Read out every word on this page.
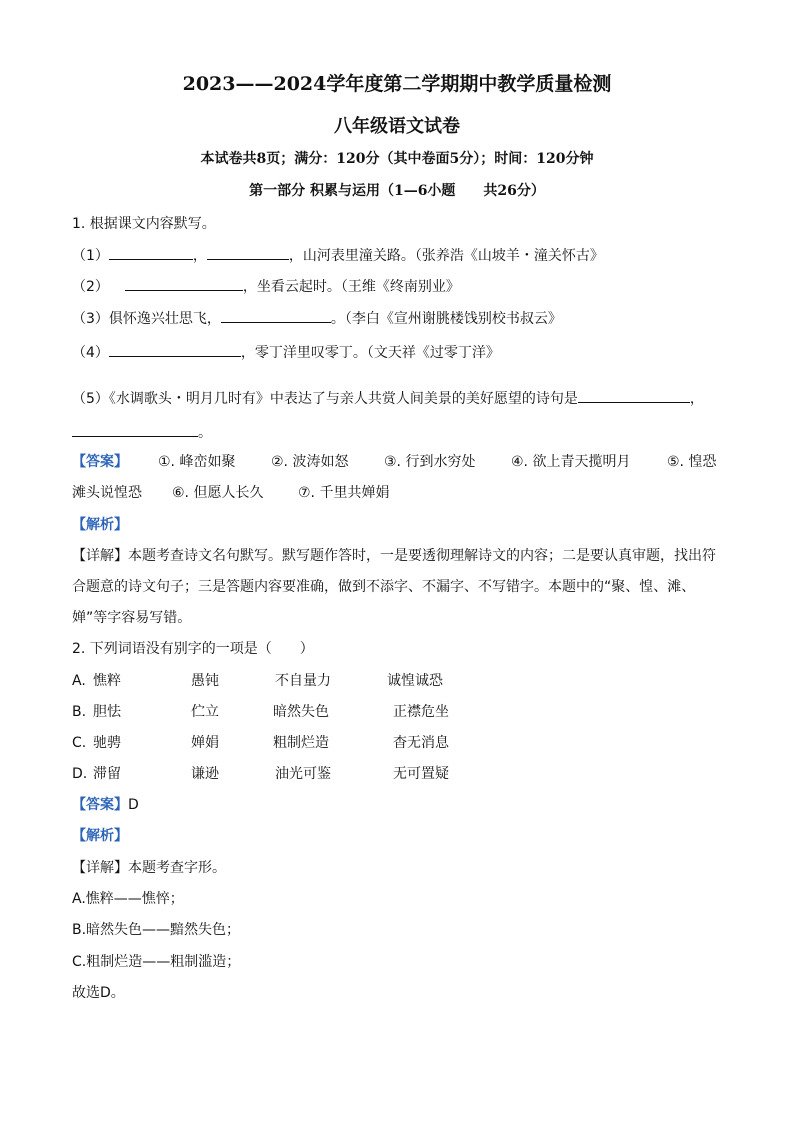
2023——2024学年度第二学期期中教学质量检测
八年级语文试卷
本试卷共8页；满分：120分（其中卷面5分）；时间：120分钟
第一部分 积累与运用（1—6小题　　共26分）
1. 根据课文内容默写。
（1）	，	，山河表里潼关路。（张养浩《山坡羊・潼关怀古》
（2）	，坐看云起时。（王维《终南别业》
（3）俱怀逸兴壮思飞，	。（李白《宣州谢朓楼饯别校书叔云》
（4）	，零丁洋里叹零丁。（文天祥《过零丁洋》
（5）《水调歌头・明月几时有》中表达了与亲人共赏人间美景的美好愿望的诗句是	，
。
【答案】 ①. 峰峦如聚	②. 波涛如怒	③. 行到水穷处	④. 欲上青天揽明月	⑤. 惶恐
滩头说惶恐 ⑥. 但愿人长久 ⑦. 千里共婵娟
【解析】
【详解】本题考查诗文名句默写。默写题作答时，一是要透彻理解诗文的内容；二是要认真审题，找出符
合题意的诗文句子；三是答题内容要准确，做到不添字、不漏字、不写错字。本题中的“聚、惶、滩、
婵”等字容易写错。
2. 下列词语没有别字的一项是（　　）
A. 憔粹	愚钝	不自量力	诚惶诚恐
B. 胆怯	伫立	暗然失色	正襟危坐
C. 驰骋	婵娟	粗制烂造	杳无消息
D. 滞留	谦逊	油光可鉴	无可置疑
【答案】D
【解析】
【详解】本题考查字形。
A.憔粹——憔悴；
B.暗然失色——黯然失色；
C.粗制烂造——粗制滥造；
故选D。
